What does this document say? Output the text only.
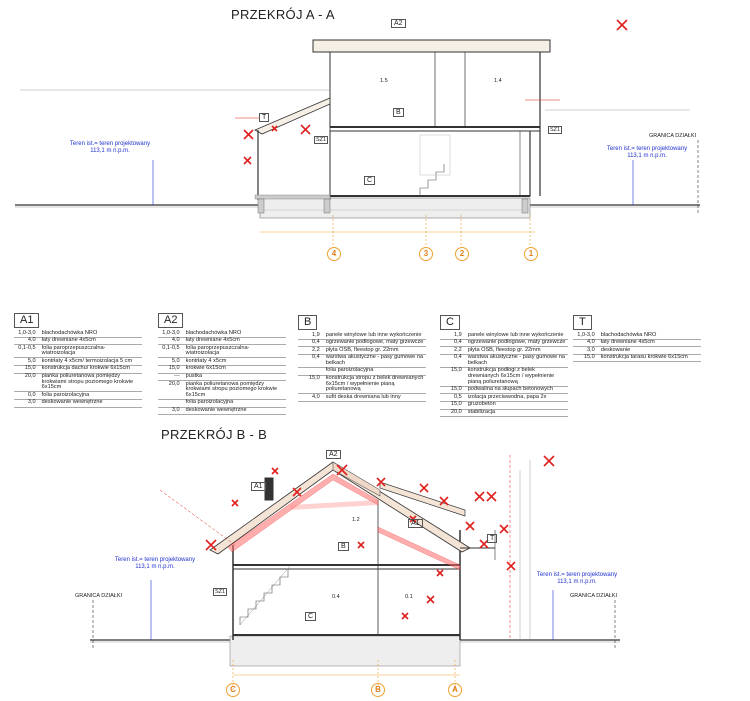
PRZEKRÓJ A - A
PRZEKRÓJ B - B
A2
1.5	1.4
B
T
C
SZ1
SZ1
Teren ist.= teren projektowany
113,1 m n.p.m.	Teren ist.= teren projektowany
113,1 m n.p.m.
GRANICA DZIAŁKI
4	3	2	1
A1
1,0-3,0	blachodachówka NRO
4,0	łaty drewniane 4x5cm
0,1-0,5	folia paroprzepuszczalna- wiatroizolacja
5,0	kontrłaty 4 x5cm/ termoizolacja 5 cm
15,0	konstrukcja dachu/ krokwie 6x15cm
20,0	pianka poliuretanowa pomiędzy krokwiami stropu poziomego krokwie 6x15cm
0,0	folia paroizolacyjna
3,0	deskowanie wewnętrzne
A2
1,0-3,0	blachodachówka NRO
4,0	łaty drewniane 4x5cm
0,1-0,5	folia paroprzepuszczalna- wiatroizolacja
5,0	kontrłaty 4 x5cm
15,0	krokwie 6x15cm
---	pustka
20,0	pianka poliuretanowa pomiędzy krokwiami stropu poziomego krokwie 6x15cm
	folia paroizolacyjna
3,0	deskowanie wewnętrzne
B
1,9	panele winylowe lub inne wykończenie
0,4	ogrzewanie podłogowe, maty grzewcze
2,2	płyta OSB, fleestop gr. 22mm
0,4	warstwa akustyczne - pasy gumowe na belkach
	folia paroizolacyjna
15,0	konstrukcja stropu z belek drewnianych 6x15cm / wypełnienie pianą poliuretanową
4,0	sufit deska drewniana lub inny
C
1,9	panele winylowe lub inne wykończenie
0,4	ogrzewanie podłogowe, maty grzewcze
2,2	płyta OSB, fleestop gr. 22mm
0,4	warstwa akustyczne - pasy gumowe na belkach
15,0	konstrukcja podłogi z belek drewnianych 6x15cm / wypełnienie pianą poliuretanową
15,0	podwalina na słupach betonowych
0,5	izolacja przeciwwodna, papa 2x
15,0	gruzobeton
20,0	stabilizacja
T
1,0-3,0	blachodachówka NRO
4,0	łaty drewniane 4x5cm
3,0	deskowanie
15,0	konstrukcja tarasu krokwie 6x15cm
A2
A1
A1
B
T
C
SZ1
1.2
0.4	0.1
Teren ist.= teren projektowany
113,1 m n.p.m.
Teren ist.= teren projektowany
113,1 m n.p.m.
GRANICA DZIAŁKI	GRANICA DZIAŁKI
C	B	A
